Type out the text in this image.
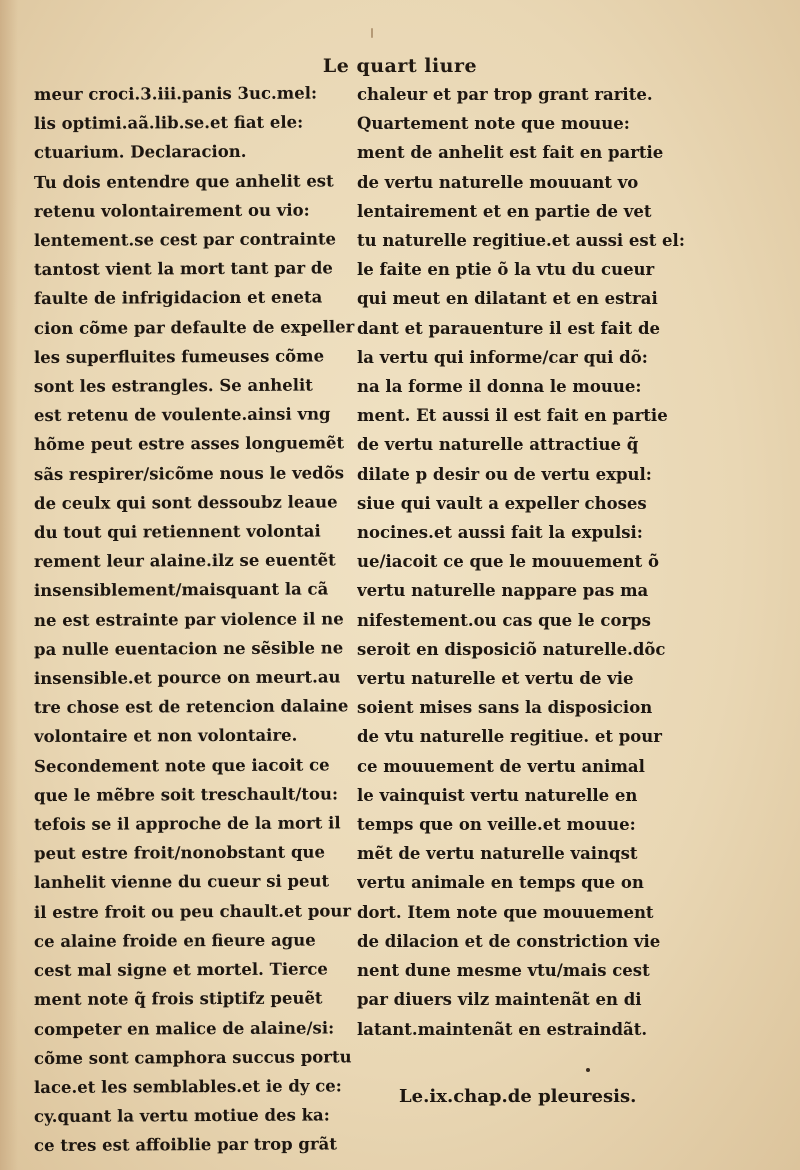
Le quart liure
meur croci.3.iii.panis 3uc.mel:
lis optimi.aã.lib.se.et fiat ele:
ctuarium. Declaracion.
Tu dois entendre que anhelit est
retenu volontairement ou vio:
lentement.se cest par contrainte
tantost vient la mort tant par de
faulte de infrigidacion et eneta
cion cõme par defaulte de expeller
les superfluites fumeuses cõme
sont les estrangles. Se anhelit
est retenu de voulente.ainsi vng
hõme peut estre asses longuemẽt
sãs respirer/sicõme nous le vedõs
de ceulx qui sont dessoubz leaue
du tout qui retiennent volontai
rement leur alaine.ilz se euentẽt
insensiblement/maisquant la cã
ne est estrainte par violence il ne
pa nulle euentacion ne sẽsible ne
insensible.et pource on meurt.au
tre chose est de retencion dalaine
volontaire et non volontaire.
Secondement note que iacoit ce
que le mẽbre soit treschault/tou:
tefois se il approche de la mort il
peut estre froit/nonobstant que
lanhelit vienne du cueur si peut
il estre froit ou peu chault.et pour
ce alaine froide en fieure ague
cest mal signe et mortel. Tierce
ment note q̃ frois stiptifz peuẽt
competer en malice de alaine/si:
cõme sont camphora succus portu
lace.et les semblables.et ie dy ce:
cy.quant la vertu motiue des ka:
ce tres est affoiblie par trop grãt
chaleur et par trop grant rarite.
Quartement note que mouue:
ment de anhelit est fait en partie
de vertu naturelle mouuant vo
lentairement et en partie de vet
tu naturelle regitiue.et aussi est el:
le faite en ptie õ la vtu du cueur
qui meut en dilatant et en estrai
dant et parauenture il est fait de
la vertu qui informe/car qui dõ:
na la forme il donna le mouue:
ment. Et aussi il est fait en partie
de vertu naturelle attractiue q̃
dilate p desir ou de vertu expul:
siue qui vault a expeller choses
nocines.et aussi fait la expulsi:
ue/iacoit ce que le mouuement õ
vertu naturelle nappare pas ma
nifestement.ou cas que le corps
seroit en disposiciõ naturelle.dõc
vertu naturelle et vertu de vie
soient mises sans la disposicion
de vtu naturelle regitiue. et pour
ce mouuement de vertu animal
le vainquist vertu naturelle en
temps que on veille.et mouue:
mẽt de vertu naturelle vainqst
vertu animale en temps que on
dort. Item note que mouuement
de dilacion et de constriction vie
nent dune mesme vtu/mais cest
par diuers vilz maintenãt en di
latant.maintenãt en estraindãt.
Le.ix.chap.de pleuresis.
